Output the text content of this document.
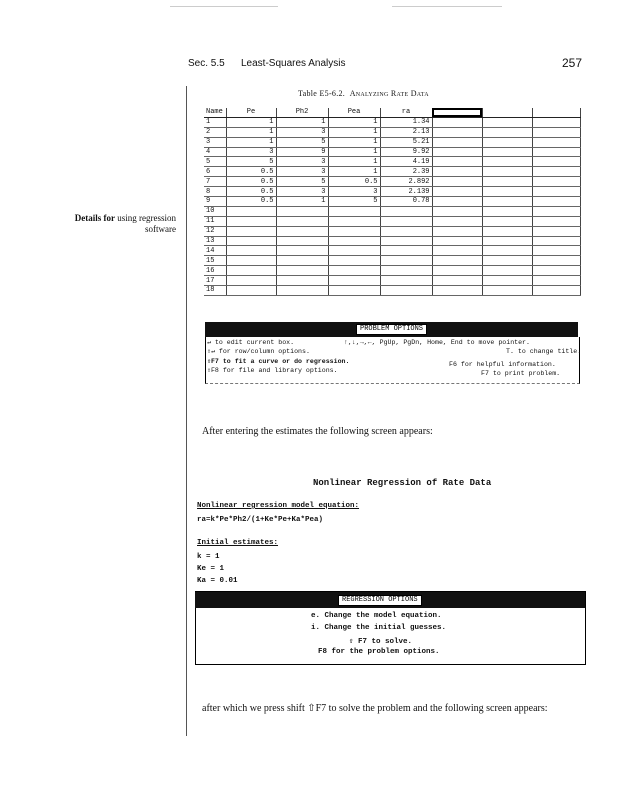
Sec. 5.5 Least-Squares Analysis	257
Table E5-6.2. Analyzing Rate Data
Details for using regression software
Name	Pe	Ph2	Pea	ra			
1	1	1	1	1.34			
2	1	3	1	2.13			
3	1	5	1	5.21			
4	3	9	1	9.92			
5	5	3	1	4.19			
6	0.5	3	1	2.39			
7	0.5	5	0.5	2.892			
8	0.5	3	3	2.139			
9	0.5	1	5	0.78			
10							
11							
12							
13							
14							
15							
16							
17							
18							
PROBLEM OPTIONS
↵ to edit current box.	↑,↓,→,←, PgUp, PgDn, Home, End to move pointer.
⇧↵ for row/column options.	T. to change title.
⇧F7 to fit a curve or do regression.	F6 for helpful information.
⇧F8 for file and library options.	F7 to print problem.
After entering the estimates the following screen appears:
Nonlinear Regression of Rate Data
Nonlinear regression model equation:
ra=k*Pe*Ph2/(1+Ke*Pe+Ka*Pea)
Initial estimates:
k = 1
Ke = 1
Ka = 0.01
REGRESSION OPTIONS
e. Change the model equation.
i. Change the initial guesses.
⇧ F7 to solve.
F8 for the problem options.
after which we press shift ⇧F7 to solve the problem and the following screen appears:
